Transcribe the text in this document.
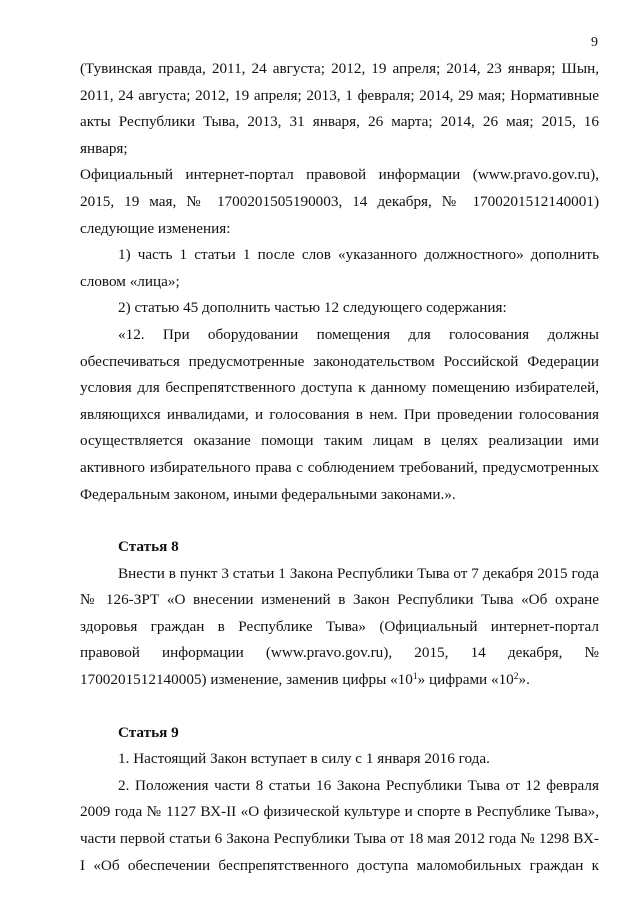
9

(Тувинская правда, 2011, 24 августа; 2012, 19 апреля; 2014, 23 января; Шын,

2011, 24 августа; 2012, 19 апреля; 2013, 1 февраля; 2014, 29 мая; Нормативные

акты Республики Тыва, 2013, 31 января, 26 марта; 2014, 26 мая; 2015, 16 января;

Официальный интернет-портал правовой информации (www.pravo.gov.ru),

2015, 19 мая, № 1700201505190003, 14 декабря, № 1700201512140001)

следующие изменения:

1) часть 1 статьи 1 после слов «указанного должностного» дополнить

словом «лица»;

2) статью 45 дополнить частью 12 следующего содержания:

«12. При оборудовании помещения для голосования должны

обеспечиваться предусмотренные законодательством Российской Федерации

условия для беспрепятственного доступа к данному помещению избирателей,

являющихся инвалидами, и голосования в нем. При проведении голосования

осуществляется оказание помощи таким лицам в целях реализации ими

активного избирательного права с соблюдением требований, предусмотренных

Федеральным законом, иными федеральными законами.».

Статья 8

Внести в пункт 3 статьи 1 Закона Республики Тыва от 7 декабря 2015 года

№ 126-ЗРТ «О внесении изменений в Закон Республики Тыва «Об охране

здоровья граждан в Республике Тыва» (Официальный интернет-портал

правовой информации (www.pravo.gov.ru), 2015, 14 декабря, №

1700201512140005) изменение, заменив цифры «$10^1$» цифрами «$10^2$».

Статья 9

1. Настоящий Закон вступает в силу с 1 января 2016 года.

2. Положения части 8 статьи 16 Закона Республики Тыва от 12 февраля

2009 года № 1127 ВХ-II «О физической культуре и спорте в Республике Тыва»,

части первой статьи 6 Закона Республики Тыва от 18 мая 2012 года № 1298 ВХ-

I «Об обеспечении беспрепятственного доступа маломобильных граждан к
